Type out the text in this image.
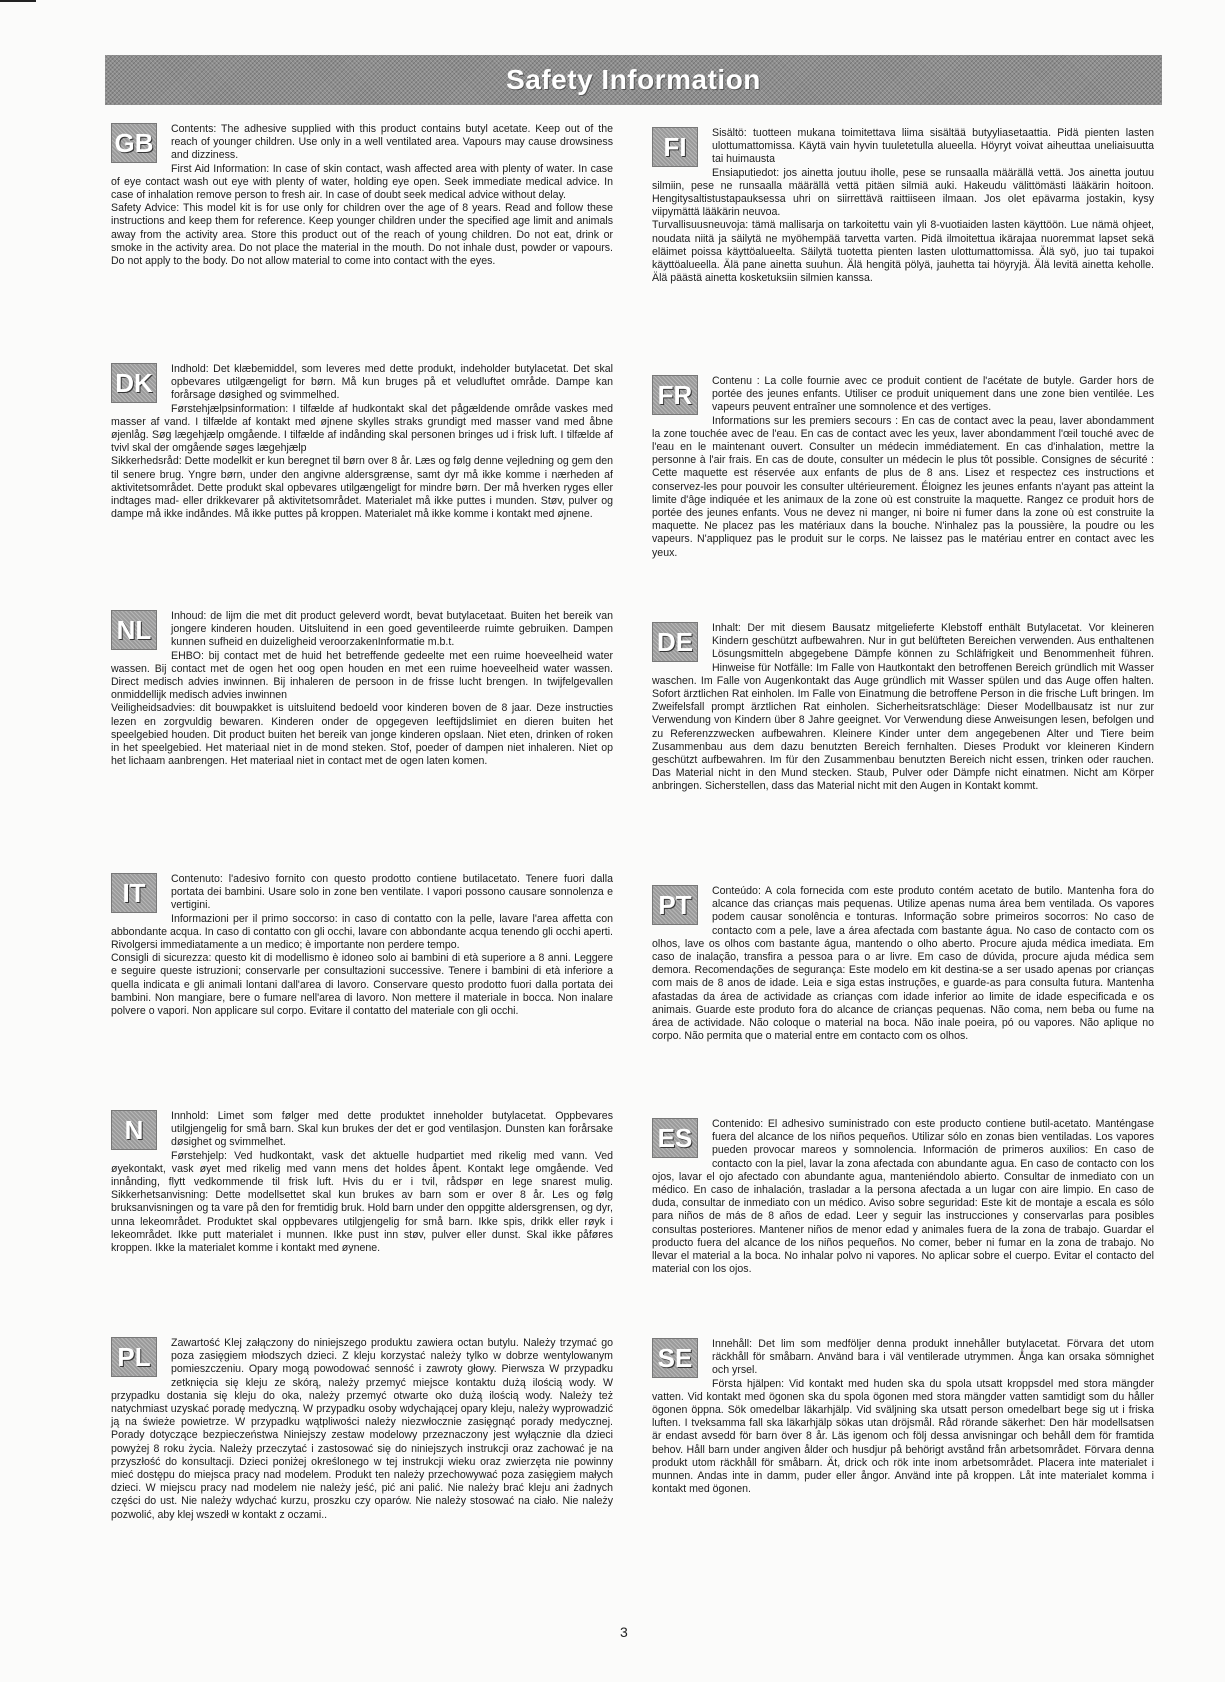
Safety Information
GB	Contents: The adhesive supplied with this product contains butyl acetate. Keep out of the reach of younger children. Use only in a well ventilated area. Vapours may cause drowsiness and dizziness.
First Aid Information: In case of skin contact, wash affected area with plenty of water. In case of eye contact wash out eye with plenty of water, holding eye open. Seek immediate medical advice. In case of inhalation remove person to fresh air. In case of doubt seek medical advice without delay.
Safety Advice: This model kit is for use only for children over the age of 8 years. Read and follow these instructions and keep them for reference. Keep younger children under the specified age limit and animals away from the activity area. Store this product out of the reach of young children. Do not eat, drink or smoke in the activity area. Do not place the material in the mouth. Do not inhale dust, powder or vapours. Do not apply to the body. Do not allow material to come into contact with the eyes.

DK	Indhold: Det klæbemiddel, som leveres med dette produkt, indeholder butylacetat. Det skal opbevares utilgængeligt for børn. Må kun bruges på et veludluftet område. Dampe kan forårsage døsighed og svimmelhed.
Førstehjælpsinformation: I tilfælde af hudkontakt skal det pågældende område vaskes med masser af vand. I tilfælde af kontakt med øjnene skylles straks grundigt med masser vand med åbne øjenlåg. Søg lægehjælp omgående. I tilfælde af indånding skal personen bringes ud i frisk luft. I tilfælde af tvivl skal der omgående søges lægehjælp
Sikkerhedsråd: Dette modelkit er kun beregnet til børn over 8 år. Læs og følg denne vejledning og gem den til senere brug. Yngre børn, under den angivne aldersgrænse, samt dyr må ikke komme i nærheden af aktivitetsområdet. Dette produkt skal opbevares utilgængeligt for mindre børn. Der må hverken ryges eller indtages mad- eller drikkevarer på aktivitetsområdet. Materialet må ikke puttes i munden. Støv, pulver og dampe må ikke indåndes. Må ikke puttes på kroppen. Materialet må ikke komme i kontakt med øjnene.

NL	Inhoud: de lijm die met dit product geleverd wordt, bevat butylacetaat. Buiten het bereik van jongere kinderen houden. Uitsluitend in een goed geventileerde ruimte gebruiken. Dampen kunnen sufheid en duizeligheid veroorzakenInformatie m.b.t.
EHBO: bij contact met de huid het betreffende gedeelte met een ruime hoeveelheid water wassen. Bij contact met de ogen het oog open houden en met een ruime hoeveelheid water wassen. Direct medisch advies inwinnen. Bij inhaleren de persoon in de frisse lucht brengen. In twijfelgevallen onmiddellijk medisch advies inwinnen
Veiligheidsadvies: dit bouwpakket is uitsluitend bedoeld voor kinderen boven de 8 jaar. Deze instructies lezen en zorgvuldig bewaren. Kinderen onder de opgegeven leeftijdslimiet en dieren buiten het speelgebied houden. Dit product buiten het bereik van jonge kinderen opslaan. Niet eten, drinken of roken in het speelgebied. Het materiaal niet in de mond steken. Stof, poeder of dampen niet inhaleren. Niet op het lichaam aanbrengen. Het materiaal niet in contact met de ogen laten komen.

IT	Contenuto: l'adesivo fornito con questo prodotto contiene butilacetato. Tenere fuori dalla portata dei bambini. Usare solo in zone ben ventilate. I vapori possono causare sonnolenza e vertigini.
Informazioni per il primo soccorso: in caso di contatto con la pelle, lavare l'area affetta con abbondante acqua. In caso di contatto con gli occhi, lavare con abbondante acqua tenendo gli occhi aperti. Rivolgersi immediatamente a un medico; è importante non perdere tempo.
Consigli di sicurezza: questo kit di modellismo è idoneo solo ai bambini di età superiore a 8 anni. Leggere e seguire queste istruzioni; conservarle per consultazioni successive. Tenere i bambini di età inferiore a quella indicata e gli animali lontani dall'area di lavoro. Conservare questo prodotto fuori dalla portata dei bambini. Non mangiare, bere o fumare nell'area di lavoro. Non mettere il materiale in bocca. Non inalare polvere o vapori. Non applicare sul corpo. Evitare il contatto del materiale con gli occhi.

N	Innhold: Limet som følger med dette produktet inneholder butylacetat. Oppbevares utilgjengelig for små barn. Skal kun brukes der det er god ventilasjon. Dunsten kan forårsake døsighet og svimmelhet.
Førstehjelp: Ved hudkontakt, vask det aktuelle hudpartiet med rikelig med vann. Ved øyekontakt, vask øyet med rikelig med vann mens det holdes åpent. Kontakt lege omgående. Ved innånding, flytt vedkommende til frisk luft. Hvis du er i tvil, rådspør en lege snarest mulig. Sikkerhetsanvisning: Dette modellsettet skal kun brukes av barn som er over 8 år. Les og følg bruksanvisningen og ta vare på den for fremtidig bruk. Hold barn under den oppgitte aldersgrensen, og dyr, unna lekeområdet. Produktet skal oppbevares utilgjengelig for små barn. Ikke spis, drikk eller røyk i lekeområdet. Ikke putt materialet i munnen. Ikke pust inn støv, pulver eller dunst. Skal ikke påføres kroppen. Ikke la materialet komme i kontakt med øynene.

PL	Zawartość Klej załączony do niniejszego produktu zawiera octan butylu. Należy trzymać go poza zasięgiem młodszych dzieci. Z kleju korzystać należy tylko w dobrze wentylowanym pomieszczeniu. Opary mogą powodować senność i zawroty głowy. Pierwsza W przypadku zetknięcia się kleju ze skórą, należy przemyć miejsce kontaktu dużą ilością wody. W przypadku dostania się kleju do oka, należy przemyć otwarte oko dużą ilością wody. Należy też natychmiast uzyskać poradę medyczną. W przypadku osoby wdychającej opary kleju, należy wyprowadzić ją na świeże powietrze. W przypadku wątpliwości należy niezwłocznie zasięgnąć porady medycznej. Porady dotyczące bezpieczeństwa Niniejszy zestaw modelowy przeznaczony jest wyłącznie dla dzieci powyżej 8 roku życia. Należy przeczytać i zastosować się do niniejszych instrukcji oraz zachować je na przyszłość do konsultacji. Dzieci poniżej określonego w tej instrukcji wieku oraz zwierzęta nie powinny mieć dostępu do miejsca pracy nad modelem. Produkt ten należy przechowywać poza zasięgiem małych dzieci. W miejscu pracy nad modelem nie należy jeść, pić ani palić. Nie należy brać kleju ani żadnych części do ust. Nie należy wdychać kurzu, proszku czy oparów. Nie należy stosować na ciało. Nie należy pozwolić, aby klej wszedł w kontakt z oczami..

FI	Sisältö: tuotteen mukana toimitettava liima sisältää butyyliasetaattia. Pidä pienten lasten ulottumattomissa. Käytä vain hyvin tuuletetulla alueella. Höyryt voivat aiheuttaa uneliaisuutta tai huimausta
Ensiaputiedot: jos ainetta joutuu iholle, pese se runsaalla määrällä vettä. Jos ainetta joutuu silmiin, pese ne runsaalla määrällä vettä pitäen silmiä auki. Hakeudu välittömästi lääkärin hoitoon. Hengitysaltistustapauksessa uhri on siirrettävä raittiiseen ilmaan. Jos olet epävarma jostakin, kysy viipymättä lääkärin neuvoa.
Turvallisuusneuvoja: tämä mallisarja on tarkoitettu vain yli 8-vuotiaiden lasten käyttöön. Lue nämä ohjeet, noudata niitä ja säilytä ne myöhempää tarvetta varten. Pidä ilmoitettua ikärajaa nuoremmat lapset sekä eläimet poissa käyttöalueelta. Säilytä tuotetta pienten lasten ulottumattomissa. Älä syö, juo tai tupakoi käyttöalueella. Älä pane ainetta suuhun. Älä hengitä pölyä, jauhetta tai höyryjä. Älä levitä ainetta keholle. Älä päästä ainetta kosketuksiin silmien kanssa.

FR	Contenu : La colle fournie avec ce produit contient de l'acétate de butyle. Garder hors de portée des jeunes enfants. Utiliser ce produit uniquement dans une zone bien ventilée. Les vapeurs peuvent entraîner une somnolence et des vertiges.
Informations sur les premiers secours : En cas de contact avec la peau, laver abondamment la zone touchée avec de l'eau. En cas de contact avec les yeux, laver abondamment l'œil touché avec de l'eau en le maintenant ouvert. Consulter un médecin immédiatement. En cas d'inhalation, mettre la personne à l'air frais. En cas de doute, consulter un médecin le plus tôt possible. Consignes de sécurité : Cette maquette est réservée aux enfants de plus de 8 ans. Lisez et respectez ces instructions et conservez-les pour pouvoir les consulter ultérieurement. Éloignez les jeunes enfants n'ayant pas atteint la limite d'âge indiquée et les animaux de la zone où est construite la maquette. Rangez ce produit hors de portée des jeunes enfants. Vous ne devez ni manger, ni boire ni fumer dans la zone où est construite la maquette. Ne placez pas les matériaux dans la bouche. N'inhalez pas la poussière, la poudre ou les vapeurs. N'appliquez pas le produit sur le corps. Ne laissez pas le matériau entrer en contact avec les yeux.

DE	Inhalt: Der mit diesem Bausatz mitgelieferte Klebstoff enthält Butylacetat. Vor kleineren Kindern geschützt aufbewahren. Nur in gut belüfteten Bereichen verwenden. Aus enthaltenen Lösungsmitteln abgegebene Dämpfe können zu Schläfrigkeit und Benommenheit führen. Hinweise für Notfälle: Im Falle von Hautkontakt den betroffenen Bereich gründlich mit Wasser waschen. Im Falle von Augenkontakt das Auge gründlich mit Wasser spülen und das Auge offen halten. Sofort ärztlichen Rat einholen. Im Falle von Einatmung die betroffene Person in die frische Luft bringen. Im Zweifelsfall prompt ärztlichen Rat einholen. Sicherheitsratschläge: Dieser Modellbausatz ist nur zur Verwendung von Kindern über 8 Jahre geeignet. Vor Verwendung diese Anweisungen lesen, befolgen und zu Referenzzwecken aufbewahren. Kleinere Kinder unter dem angegebenen Alter und Tiere beim Zusammenbau aus dem dazu benutzten Bereich fernhalten. Dieses Produkt vor kleineren Kindern geschützt aufbewahren. Im für den Zusammenbau benutzten Bereich nicht essen, trinken oder rauchen. Das Material nicht in den Mund stecken. Staub, Pulver oder Dämpfe nicht einatmen. Nicht am Körper anbringen. Sicherstellen, dass das Material nicht mit den Augen in Kontakt kommt.

PT	Conteúdo: A cola fornecida com este produto contém acetato de butilo. Mantenha fora do alcance das crianças mais pequenas. Utilize apenas numa área bem ventilada. Os vapores podem causar sonolência e tonturas. Informação sobre primeiros socorros: No caso de contacto com a pele, lave a área afectada com bastante água. No caso de contacto com os olhos, lave os olhos com bastante água, mantendo o olho aberto. Procure ajuda médica imediata. Em caso de inalação, transfira a pessoa para o ar livre. Em caso de dúvida, procure ajuda médica sem demora. Recomendações de segurança: Este modelo em kit destina-se a ser usado apenas por crianças com mais de 8 anos de idade. Leia e siga estas instruções, e guarde-as para consulta futura. Mantenha afastadas da área de actividade as crianças com idade inferior ao limite de idade especificada e os animais. Guarde este produto fora do alcance de crianças pequenas. Não coma, nem beba ou fume na área de actividade. Não coloque o material na boca. Não inale poeira, pó ou vapores. Não aplique no corpo. Não permita que o material entre em contacto com os olhos.

ES	Contenido: El adhesivo suministrado con este producto contiene butil-acetato. Manténgase fuera del alcance de los niños pequeños. Utilizar sólo en zonas bien ventiladas. Los vapores pueden provocar mareos y somnolencia. Información de primeros auxilios: En caso de contacto con la piel, lavar la zona afectada con abundante agua. En caso de contacto con los ojos, lavar el ojo afectado con abundante agua, manteniéndolo abierto. Consultar de inmediato con un médico. En caso de inhalación, trasladar a la persona afectada a un lugar con aire limpio. En caso de duda, consultar de inmediato con un médico. Aviso sobre seguridad: Este kit de montaje a escala es sólo para niños de más de 8 años de edad. Leer y seguir las instrucciones y conservarlas para posibles consultas posteriores. Mantener niños de menor edad y animales fuera de la zona de trabajo. Guardar el producto fuera del alcance de los niños pequeños. No comer, beber ni fumar en la zona de trabajo. No llevar el material a la boca. No inhalar polvo ni vapores. No aplicar sobre el cuerpo. Evitar el contacto del material con los ojos.

SE	Innehåll: Det lim som medföljer denna produkt innehåller butylacetat. Förvara det utom räckhåll för småbarn. Använd bara i väl ventilerade utrymmen. Ånga kan orsaka sömnighet och yrsel.
Första hjälpen: Vid kontakt med huden ska du spola utsatt kroppsdel med stora mängder vatten. Vid kontakt med ögonen ska du spola ögonen med stora mängder vatten samtidigt som du håller ögonen öppna. Sök omedelbar läkarhjälp. Vid sväljning ska utsatt person omedelbart bege sig ut i friska luften. I tveksamma fall ska läkarhjälp sökas utan dröjsmål. Råd rörande säkerhet: Den här modellsatsen är endast avsedd för barn över 8 år. Läs igenom och följ dessa anvisningar och behåll dem för framtida behov. Håll barn under angiven ålder och husdjur på behörigt avstånd från arbetsområdet. Förvara denna produkt utom räckhåll för småbarn. Ät, drick och rök inte inom arbetsområdet. Placera inte materialet i munnen. Andas inte in damm, puder eller ångor. Använd inte på kroppen. Låt inte materialet komma i kontakt med ögonen.

3
